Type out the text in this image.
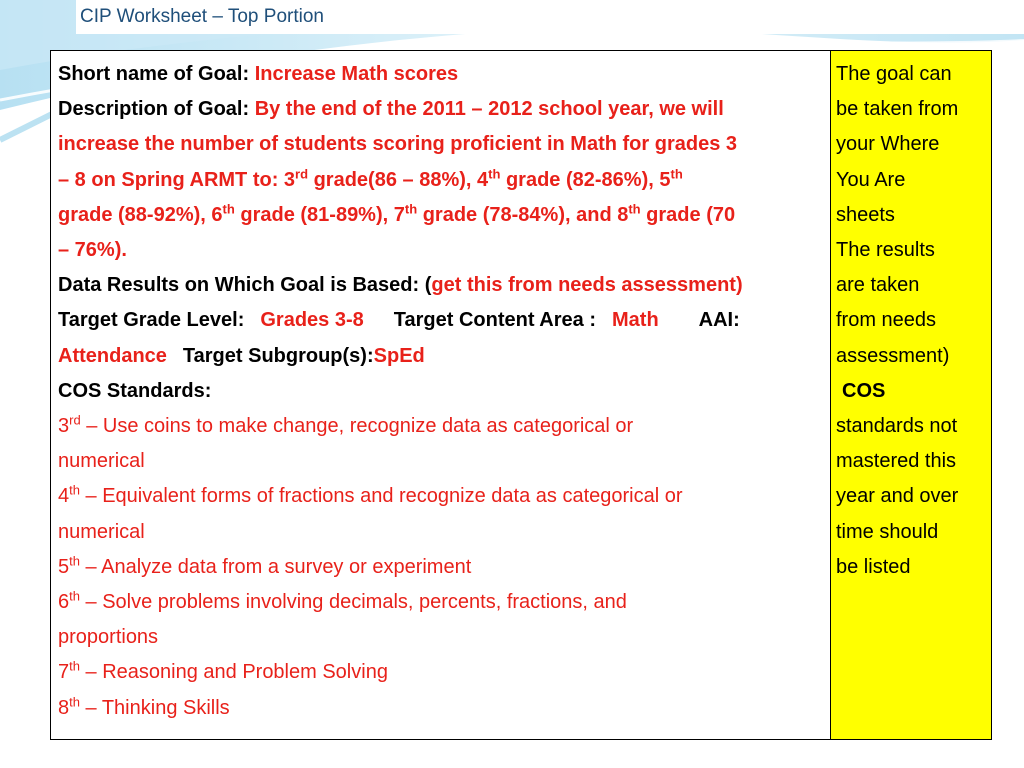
CIP Worksheet – Top Portion
Short name of Goal: Increase Math scores
Description of Goal: By the end of the 2011 – 2012 school year, we will
increase the number of students scoring proficient in Math for grades 3
– 8 on Spring ARMT to: 3rd grade(86 – 88%), 4th grade (82-86%), 5th
grade (88-92%), 6th grade (81-89%), 7th grade (78-84%), and 8th grade (70
– 76%).
Data Results on Which Goal is Based: (get this from needs assessment)
Target Grade Level: Grades 3-8 Target Content Area : Math AAI:
Attendance Target Subgroup(s):SpEd
COS Standards:
3rd – Use coins to make change, recognize data as categorical or
numerical
4th – Equivalent forms of fractions and recognize data as categorical or
numerical
5th – Analyze data from a survey or experiment
6th – Solve problems involving decimals, percents, fractions, and
proportions
7th – Reasoning and Problem Solving
8th – Thinking Skills
The goal can
be taken from
your Where
You Are
sheets
The results
are taken
from needs
assessment)
COS
standards not
mastered this
year and over
time should
be listed
